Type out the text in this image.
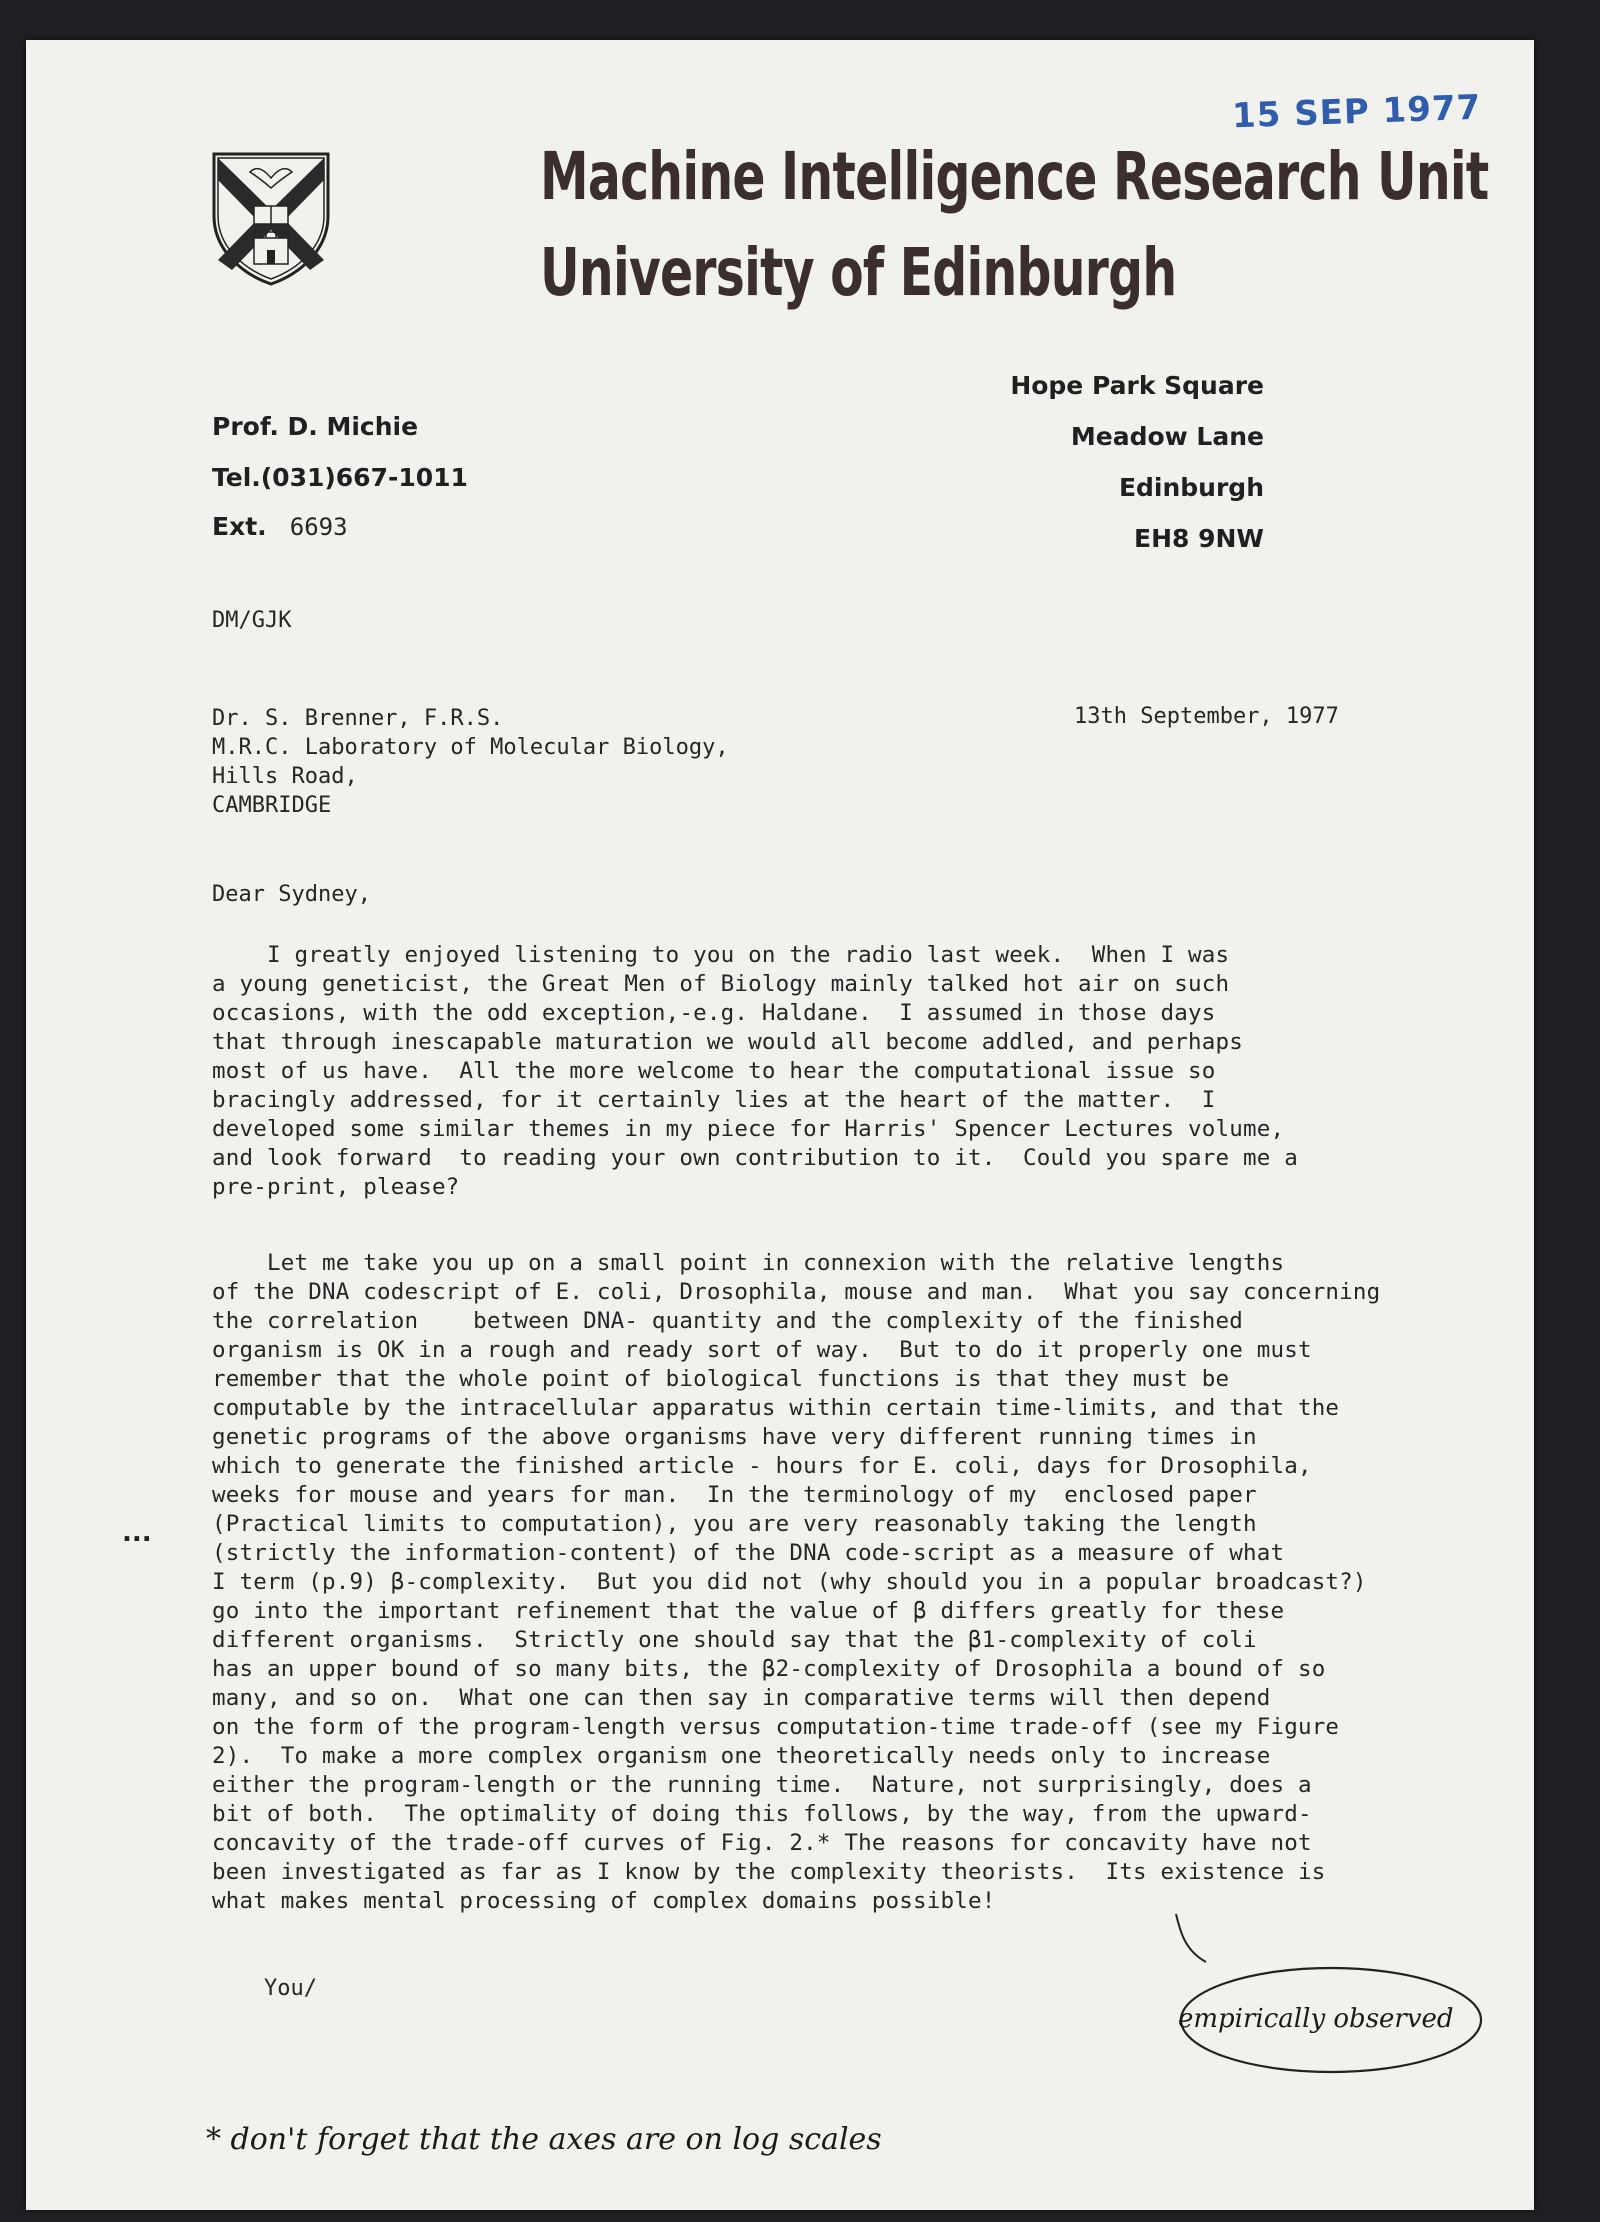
15 SEP 1977
Machine Intelligence Research Unit
University of Edinburgh
Prof. D. Michie
Tel.(031)667-1011
Ext. 6693
Hope Park Square
Meadow Lane
Edinburgh
EH8 9NW
DM/GJK
Dr. S. Brenner, F.R.S.
M.R.C. Laboratory of Molecular Biology,
Hills Road,
CAMBRIDGE
13th September, 1977
Dear Sydney,
I greatly enjoyed listening to you on the radio last week.  When I was
a young geneticist, the Great Men of Biology mainly talked hot air on such
occasions, with the odd exception,-e.g. Haldane.  I assumed in those days
that through inescapable maturation we would all become addled, and perhaps
most of us have.  All the more welcome to hear the computational issue so
bracingly addressed, for it certainly lies at the heart of the matter.  I
developed some similar themes in my piece for Harris' Spencer Lectures volume,
and look forward  to reading your own contribution to it.  Could you spare me a
pre-print, please?
Let me take you up on a small point in connexion with the relative lengths
of the DNA codescript of E. coli, Drosophila, mouse and man.  What you say concerning
the correlation    between DNA- quantity and the complexity of the finished
organism is OK in a rough and ready sort of way.  But to do it properly one must
remember that the whole point of biological functions is that they must be
computable by the intracellular apparatus within certain time-limits, and that the
genetic programs of the above organisms have very different running times in
which to generate the finished article - hours for E. coli, days for Drosophila,
weeks for mouse and years for man.  In the terminology of my  enclosed paper
(Practical limits to computation), you are very reasonably taking the length
(strictly the information-content) of the DNA code-script as a measure of what
I term (p.9) β-complexity.  But you did not (why should you in a popular broadcast?)
go into the important refinement that the value of β differs greatly for these
different organisms.  Strictly one should say that the β1-complexity of coli
has an upper bound of so many bits, the β2-complexity of Drosophila a bound of so
many, and so on.  What one can then say in comparative terms will then depend
on the form of the program-length versus computation-time trade-off (see my Figure
2).  To make a more complex organism one theoretically needs only to increase
either the program-length or the running time.  Nature, not surprisingly, does a
bit of both.  The optimality of doing this follows, by the way, from the upward-
concavity of the trade-off curves of Fig. 2.* The reasons for concavity have not
been investigated as far as I know by the complexity theorists.  Its existence is
what makes mental processing of complex domains possible!
...
You/
empirically observed
* don't forget that the axes are on log scales
